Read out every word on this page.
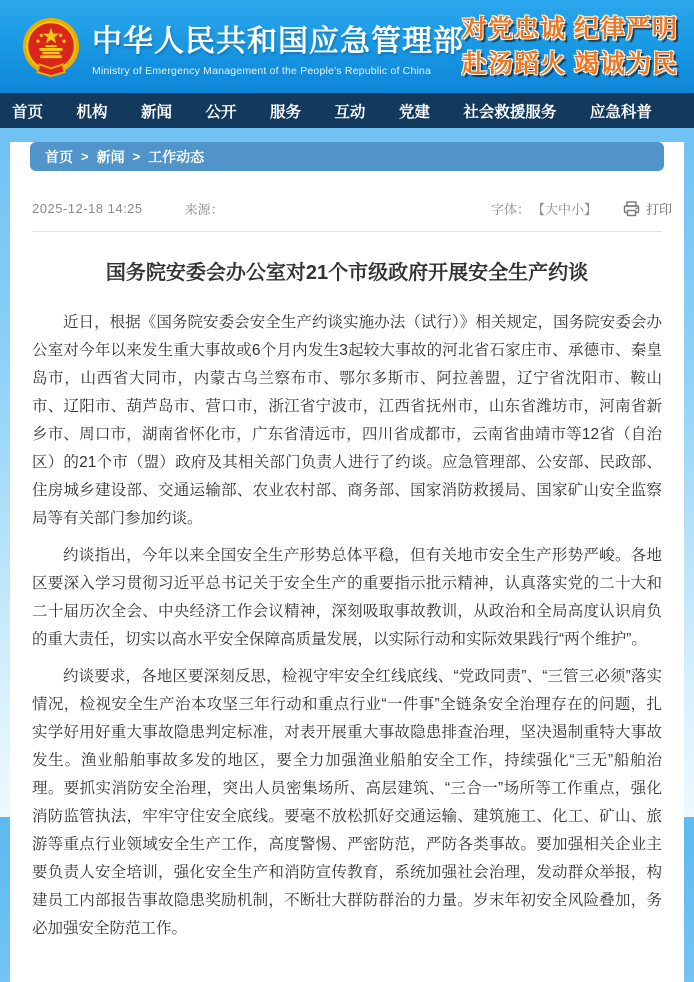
中华人民共和国应急管理部
Ministry of Emergency Management of the People's Republic of China
对党忠诚 纪律严明
赴汤蹈火 竭诚为民
首页 机构 新闻 公开 服务 互动 党建 社会救援服务 应急科普
首页 > 新闻 > 工作动态
2025-12-18 14:25	来源：	字体： 【大中小】	打印
国务院安委会办公室对21个市级政府开展安全生产约谈

近日，根据《国务院安委会安全生产约谈实施办法（试行）》相关规定，国务院安委会办公室对今年以来发生重大事故或6个月内发生3起较大事故的河北省石家庄市、承德市、秦皇岛市，山西省大同市，内蒙古乌兰察布市、鄂尔多斯市、阿拉善盟，辽宁省沈阳市、鞍山市、辽阳市、葫芦岛市、营口市，浙江省宁波市，江西省抚州市，山东省潍坊市，河南省新乡市、周口市，湖南省怀化市，广东省清远市，四川省成都市，云南省曲靖市等12省（自治区）的21个市（盟）政府及其相关部门负责人进行了约谈。应急管理部、公安部、民政部、住房城乡建设部、交通运输部、农业农村部、商务部、国家消防救援局、国家矿山安全监察局等有关部门参加约谈。

约谈指出，今年以来全国安全生产形势总体平稳，但有关地市安全生产形势严峻。各地区要深入学习贯彻习近平总书记关于安全生产的重要指示批示精神，认真落实党的二十大和二十届历次全会、中央经济工作会议精神，深刻吸取事故教训，从政治和全局高度认识肩负的重大责任，切实以高水平安全保障高质量发展，以实际行动和实际效果践行“两个维护”。

约谈要求，各地区要深刻反思，检视守牢安全红线底线、“党政同责”、“三管三必须”落实情况，检视安全生产治本攻坚三年行动和重点行业“一件事”全链条安全治理存在的问题，扎实学好用好重大事故隐患判定标准，对表开展重大事故隐患排查治理，坚决遏制重特大事故发生。渔业船舶事故多发的地区，要全力加强渔业船舶安全工作，持续强化“三无”船舶治理。要抓实消防安全治理，突出人员密集场所、高层建筑、“三合一”场所等工作重点，强化消防监管执法，牢牢守住安全底线。要毫不放松抓好交通运输、建筑施工、化工、矿山、旅游等重点行业领域安全生产工作，高度警惕、严密防范，严防各类事故。要加强相关企业主要负责人安全培训，强化安全生产和消防宣传教育，系统加强社会治理，发动群众举报，构建员工内部报告事故隐患奖励机制，不断壮大群防群治的力量。岁末年初安全风险叠加，务必加强安全防范工作。
